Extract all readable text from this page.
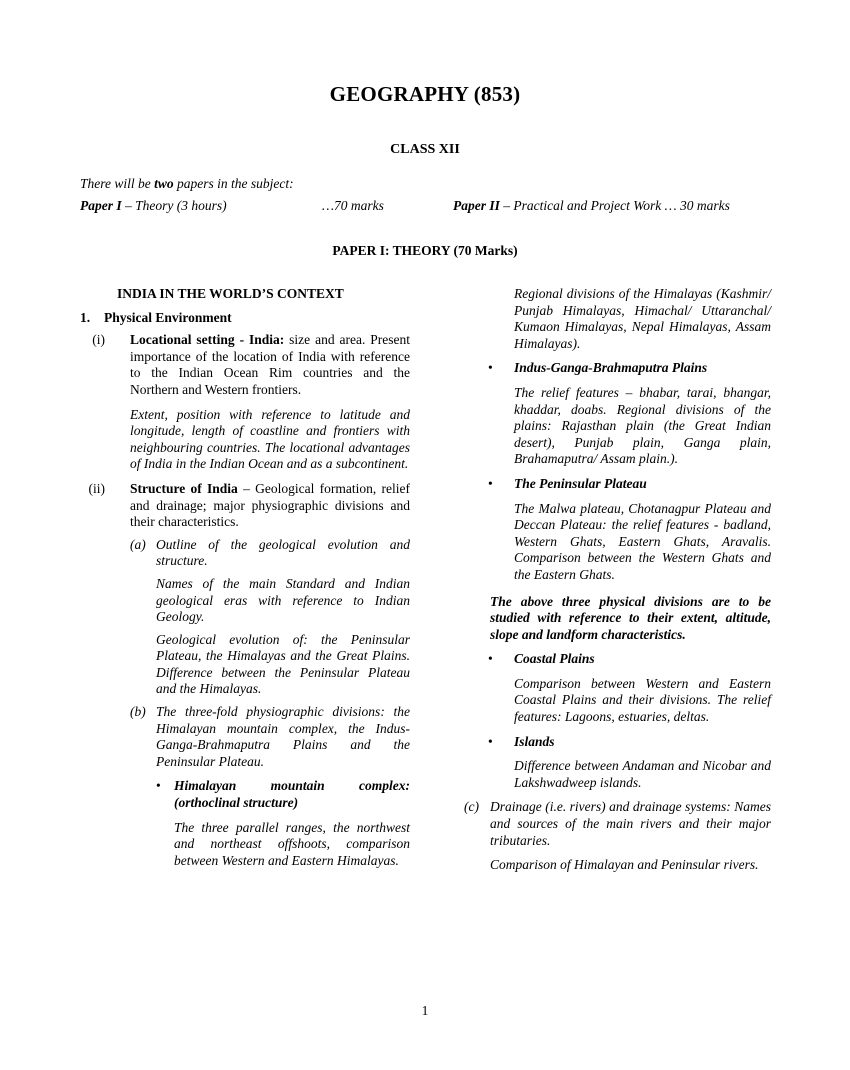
GEOGRAPHY (853)
CLASS XII
There will be two papers in the subject:
Paper I – Theory (3 hours)	…70 marks	Paper II – Practical and Project Work … 30 marks
PAPER I: THEORY (70 Marks)
INDIA IN THE WORLD’S CONTEXT
1.	Physical Environment
(i) Locational setting - India: size and area. Present importance of the location of India with reference to the Indian Ocean Rim countries and the Northern and Western frontiers.

Extent, position with reference to latitude and longitude, length of coastline and frontiers with neighbouring countries. The locational advantages of India in the Indian Ocean and as a subcontinent.

(ii) Structure of India – Geological formation, relief and drainage; major physiographic divisions and their characteristics.

(a) Outline of the geological evolution and structure.

Names of the main Standard and Indian geological eras with reference to Indian Geology.

Geological evolution of: the Peninsular Plateau, the Himalayas and the Great Plains. Difference between the Peninsular Plateau and the Himalayas.

(b) The three-fold physiographic divisions: the Himalayan mountain complex, the Indus-Ganga-Brahmaputra Plains and the Peninsular Plateau.

• Himalayan mountain complex: (orthoclinal structure)

The three parallel ranges, the northwest and northeast offshoots, comparison between Western and Eastern Himalayas.

Regional divisions of the Himalayas (Kashmir/ Punjab Himalayas, Himachal/ Uttaranchal/ Kumaon Himalayas, Nepal Himalayas, Assam Himalayas).

•	Indus-Ganga-Brahmaputra Plains

The relief features – bhabar, tarai, bhangar, khaddar, doabs. Regional divisions of the plains: Rajasthan plain (the Great Indian desert), Punjab plain, Ganga plain, Brahamaputra/ Assam plain.).

•	The Peninsular Plateau

The Malwa plateau, Chotanagpur Plateau and Deccan Plateau: the relief features - badland, Western Ghats, Eastern Ghats, Aravalis. Comparison between the Western Ghats and the Eastern Ghats.

The above three physical divisions are to be studied with reference to their extent, altitude, slope and landform characteristics.

•	Coastal Plains

Comparison between Western and Eastern Coastal Plains and their divisions. The relief features: Lagoons, estuaries, deltas.

•	Islands

Difference between Andaman and Nicobar and Lakshwadweep islands.

(c) Drainage (i.e. rivers) and drainage systems: Names and sources of the main rivers and their major tributaries.

Comparison of Himalayan and Peninsular rivers.

1
